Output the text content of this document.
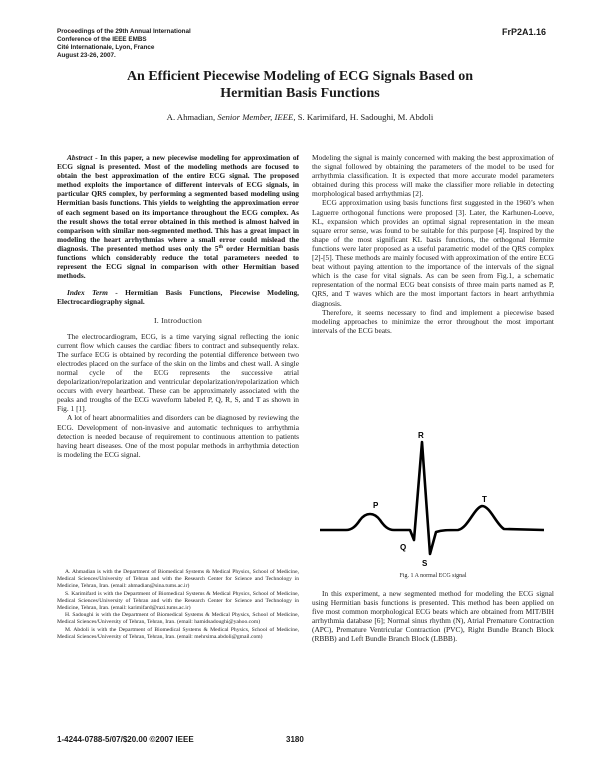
Proceedings of the 29th Annual International
Conference of the IEEE EMBS
Cité Internationale, Lyon, France
August 23-26, 2007.
FrP2A1.16
An Efficient Piecewise Modeling of ECG Signals Based on
Hermitian Basis Functions
A. Ahmadian, Senior Member, IEEE, S. Karimifard, H. Sadoughi, M. Abdoli

Abstract - In this paper, a new piecewise modeling for approximation of ECG signal is presented. Most of the modeling methods are focused to obtain the best approximation of the entire ECG signal. The proposed method exploits the importance of different intervals of ECG signals, in particular QRS complex, by performing a segmented based modeling using Hermitian basis functions. This yields to weighting the approximation error of each segment based on its importance throughout the ECG complex. As the result shows the total error obtained in this method is almost halved in comparison with similar non-segmented method. This has a great impact in modeling the heart arrhythmias where a small error could mislead the diagnosis. The presented method uses only the 5th order Hermitian basis functions which considerably reduce the total parameters needed to represent the ECG signal in comparison with other Hermitian based methods.

Index Term - Hermitian Basis Functions, Piecewise Modeling, Electrocardiography signal.

I. Introduction

The electrocardiogram, ECG, is a time varying signal reflecting the ionic current flow which causes the cardiac fibers to contract and subsequently relax. The surface ECG is obtained by recording the potential difference between two electrodes placed on the surface of the skin on the limbs and chest wall. A single normal cycle of the ECG represents the successive atrial depolarization/repolarization and ventricular depolarization/repolarization which occurs with every heartbeat. These can be approximately associated with the peaks and troughs of the ECG waveform labeled P, Q, R, S, and T as shown in Fig. 1 [1].

A lot of heart abnormalities and disorders can be diagnosed by reviewing the ECG. Development of non-invasive and automatic techniques to arrhythmia detection is needed because of requirement to continuous attention to patients having heart diseases. One of the most popular methods in arrhythmia detection is modeling the ECG signal.

A. Ahmadian is with the Department of Biomedical Systems & Medical Physics, School of Medicine, Medical Sciences/University of Tehran and with the Research Center for Science and Technology in Medicine, Tehran, Iran. (email: ahmadian@sina.tums.ac.ir)

S. Karimifard is with the Department of Biomedical Systems & Medical Physics, School of Medicine, Medical Sciences/University of Tehran and with the Research Center for Science and Technology in Medicine, Tehran, Iran. (email: karimifard@razi.tums.ac.ir)

H. Sadoughi is with the Department of Biomedical Systems & Medical Physics, School of Medicine, Medical Sciences/University of Tehran, Tehran, Iran. (email: hamidsadoughi@yahoo.com)

M. Abdoli is with the Department of Biomedical Systems & Medical Physics, School of Medicine, Medical Sciences/University of Tehran, Tehran, Iran. (email: mehrsima.abdoli@gmail.com)

Modeling the signal is mainly concerned with making the best approximation of the signal followed by obtaining the parameters of the model to be used for arrhythmia classification. It is expected that more accurate model parameters obtained during this process will make the classifier more reliable in detecting morphological based arrhythmias [2].

ECG approximation using basis functions first suggested in the 1960’s when Laguerre orthogonal functions were proposed [3]. Later, the Karhunen-Loeve, KL, expansion which provides an optimal signal representation in the mean square error sense, was found to be suitable for this purpose [4]. Inspired by the shape of the most significant KL basis functions, the orthogonal Hermite functions were later proposed as a useful parametric model of the QRS complex [2]-[5]. These methods are mainly focused with approximation of the entire ECG beat without paying attention to the importance of the intervals of the signal which is the case for vital signals. As can be seen from Fig.1, a schematic representation of the normal ECG beat consists of three main parts named as P, QRS, and T waves which are the most important factors in heart arrhythmia diagnosis.

Therefore, it seems necessary to find and implement a piecewise based modeling approaches to minimize the error throughout the most important intervals of the ECG beats.

P
Q
R
S
T
Fig. 1 A normal ECG signal

In this experiment, a new segmented method for modeling the ECG signal using Hermitian basis functions is presented. This method has been applied on five most common morphological ECG beats which are obtained from MIT/BIH arrhythmia database [6]; Normal sinus rhythm (N), Atrial Premature Contraction (APC), Premature Ventricular Contraction (PVC), Right Bundle Branch Block (RBBB) and Left Bundle Branch Block (LBBB).

1-4244-0788-5/07/$20.00 ©2007 IEEE	3180
